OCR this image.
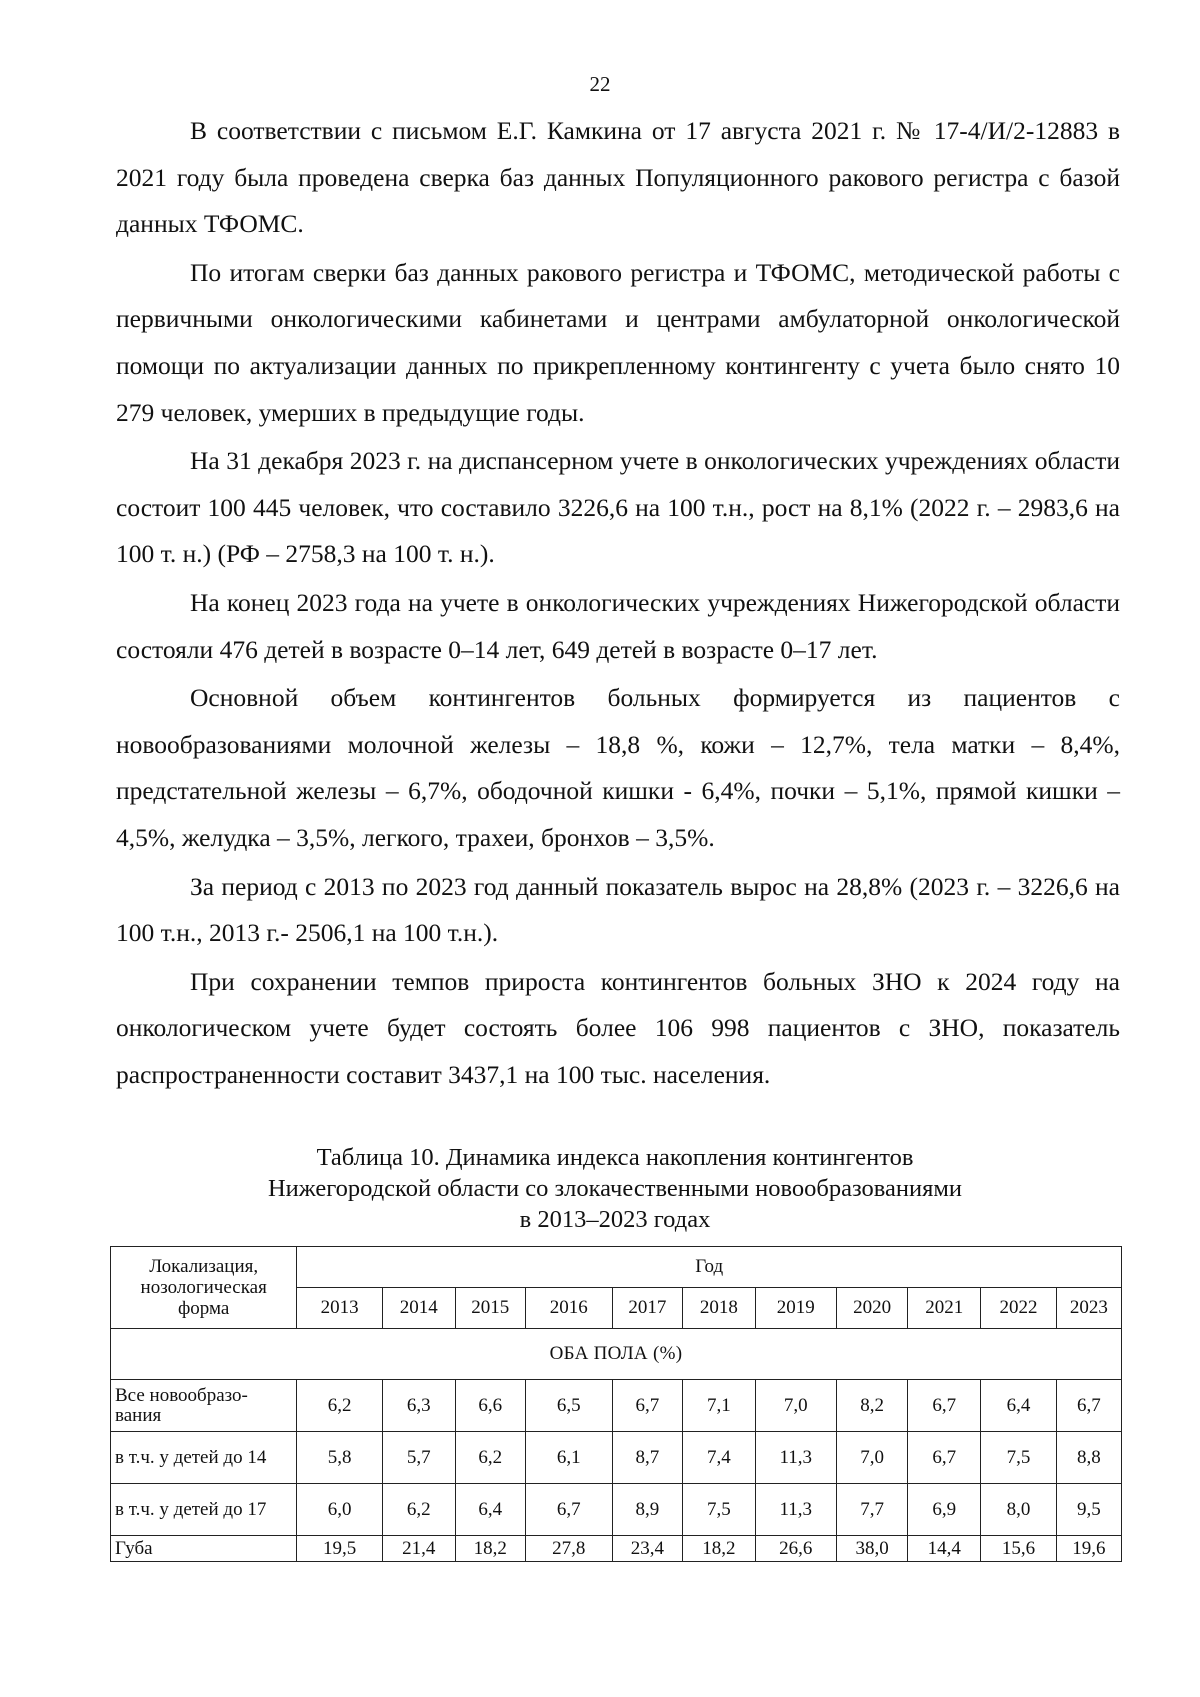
22

В соответствии с письмом Е.Г. Камкина от 17 августа 2021 г. № 17-4/И/2-12883 в 2021 году была проведена сверка баз данных Популяционного ракового регистра с базой данных ТФОМС.

По итогам сверки баз данных ракового регистра и ТФОМС, методической работы с первичными онкологическими кабинетами и центрами амбулаторной онкологической помощи по актуализации данных по прикрепленному контингенту с учета было снято 10 279 человек, умерших в предыдущие годы.

На 31 декабря 2023 г. на диспансерном учете в онкологических учреждениях области состоит 100 445 человек, что составило 3226,6 на 100 т.н., рост на 8,1% (2022 г. – 2983,6 на 100 т. н.) (РФ – 2758,3 на 100 т. н.).

На конец 2023 года на учете в онкологических учреждениях Нижегородской области состояли 476 детей в возрасте 0–14 лет, 649 детей в возрасте 0–17 лет.

Основной объем контингентов больных формируется из пациентов с новообразованиями молочной железы – 18,8 %, кожи – 12,7%, тела матки – 8,4%, предстательной железы – 6,7%, ободочной кишки - 6,4%, почки – 5,1%, прямой кишки – 4,5%, желудка – 3,5%, легкого, трахеи, бронхов – 3,5%.

За период с 2013 по 2023 год данный показатель вырос на 28,8% (2023 г. – 3226,6 на 100 т.н., 2013 г.- 2506,1 на 100 т.н.).

При сохранении темпов прироста контингентов больных ЗНО к 2024 году на онкологическом учете будет состоять более 106 998 пациентов с ЗНО, показатель распространенности составит 3437,1 на 100 тыс. населения.

Таблица 10. Динамика индекса накопления контингентов
Нижегородской области со злокачественными новообразованиями
в 2013–2023 годах
Локализация, нозологическая форма	Год										
	2013	2014	2015	2016	2017	2018	2019	2020	2021	2022	2023
ОБА ПОЛА (%)											
Все новообразо-вания	6,2	6,3	6,6	6,5	6,7	7,1	7,0	8,2	6,7	6,4	6,7
в т.ч. у детей до 14	5,8	5,7	6,2	6,1	8,7	7,4	11,3	7,0	6,7	7,5	8,8
в т.ч. у детей до 17	6,0	6,2	6,4	6,7	8,9	7,5	11,3	7,7	6,9	8,0	9,5
Губа	19,5	21,4	18,2	27,8	23,4	18,2	26,6	38,0	14,4	15,6	19,6
